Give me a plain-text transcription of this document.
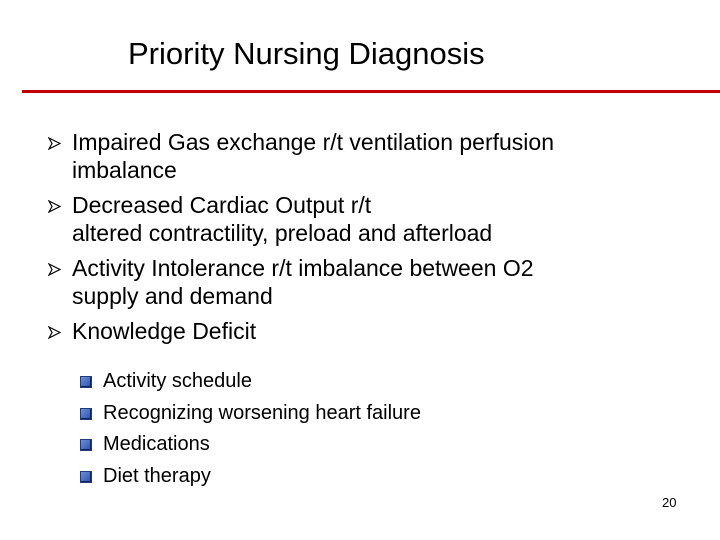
Priority Nursing Diagnosis
Impaired Gas exchange r/t ventilation perfusion
imbalance
Decreased Cardiac Output r/t
altered contractility, preload and afterload
Activity Intolerance r/t imbalance between O2
supply and demand
Knowledge Deficit
Activity schedule
Recognizing worsening heart failure
Medications
Diet therapy
20
